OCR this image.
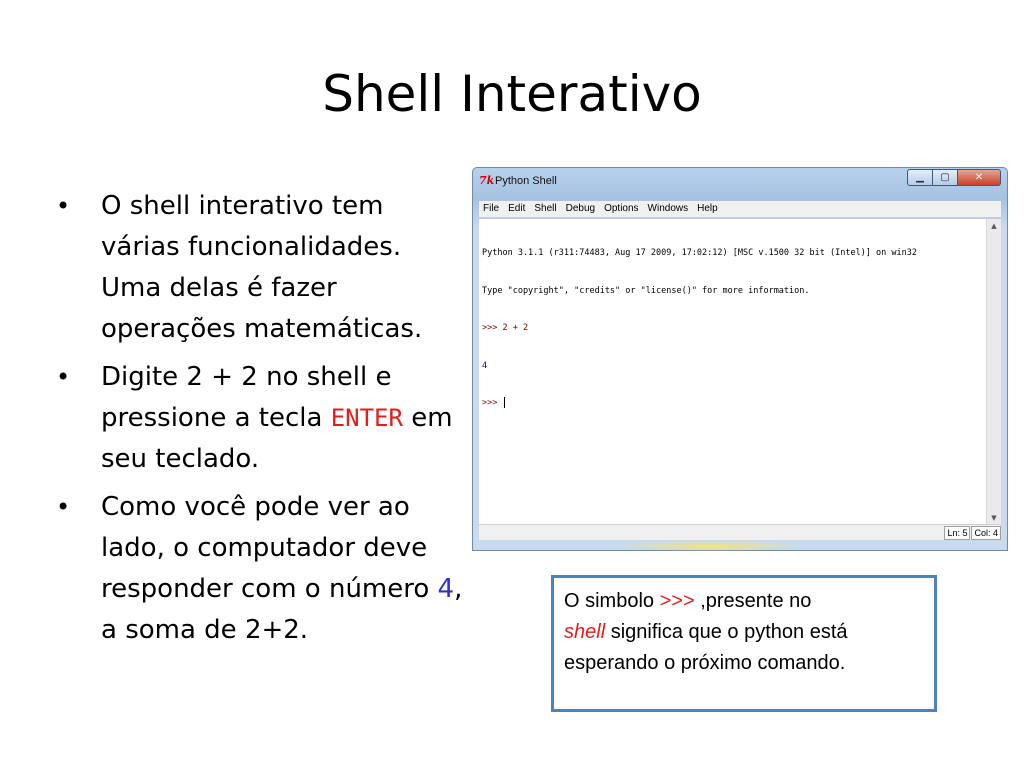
Shell Interativo
•	O shell interativo tem várias funcionalidades. Uma delas é fazer operações matemáticas.
•	Digite 2 + 2 no shell e pressione a tecla ENTER em seu teclado.
•	Como você pode ver ao lado, o computador deve responder com o número 4, a soma de 2+2.
7k Python Shell	▁	▢	✕
File Edit Shell Debug Options Windows Help

Python 3.1.1 (r311:74483, Aug 17 2009, 17:02:12) [MSC v.1500 32 bit (Intel)] on win32

Type "copyright", "credits" or "license()" for more information.

>>> 2 + 2

4

>>>

▲
▼
Ln: 5 Col: 4
O simbolo >>> ,presente no
shell significa que o python está esperando o próximo comando.
